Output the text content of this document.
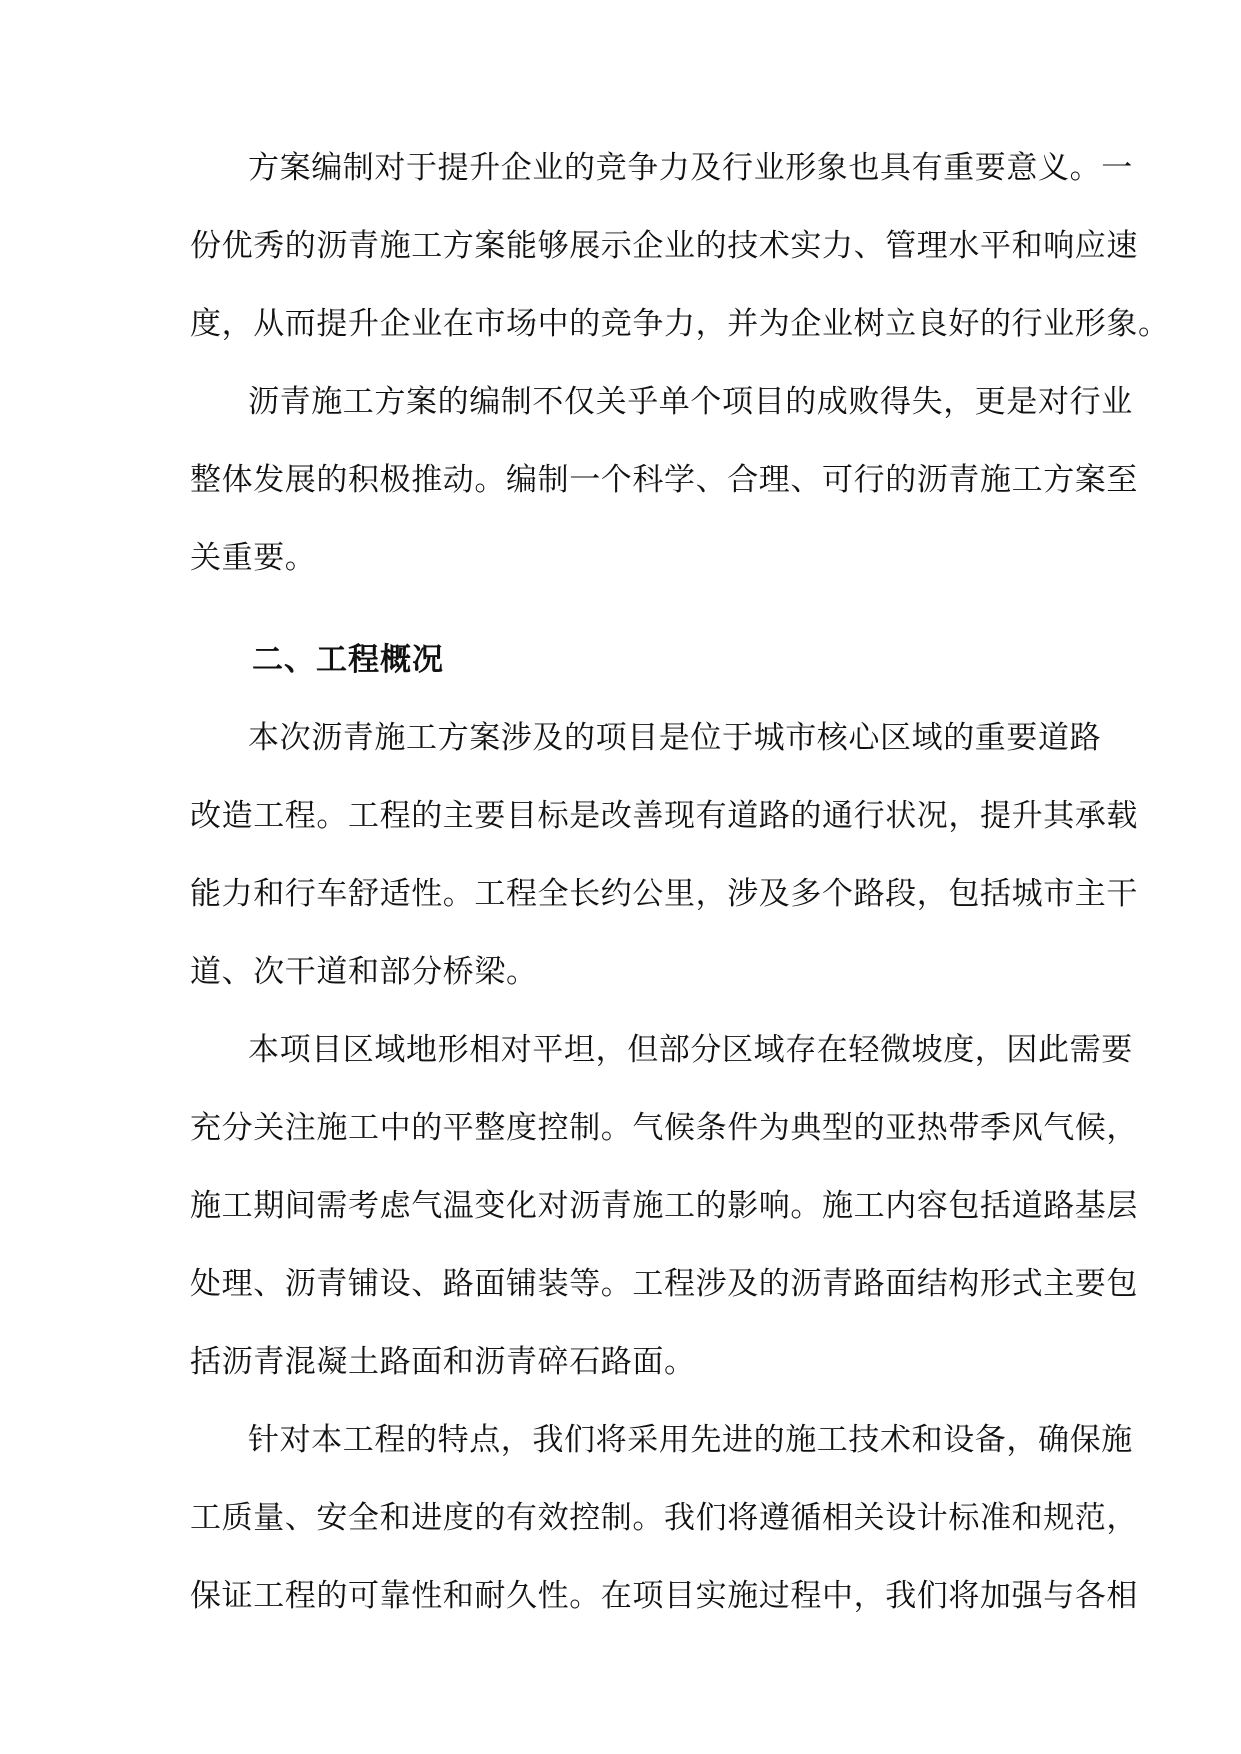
方案编制对于提升企业的竞争力及行业形象也具有重要意义。一
份优秀的沥青施工方案能够展示企业的技术实力、管理水平和响应速
度，从而提升企业在市场中的竞争力，并为企业树立良好的行业形象。
沥青施工方案的编制不仅关乎单个项目的成败得失，更是对行业
整体发展的积极推动。编制一个科学、合理、可行的沥青施工方案至
关重要。
二、工程概况
本次沥青施工方案涉及的项目是位于城市核心区域的重要道路
改造工程。工程的主要目标是改善现有道路的通行状况，提升其承载
能力和行车舒适性。工程全长约公里，涉及多个路段，包括城市主干
道、次干道和部分桥梁。
本项目区域地形相对平坦，但部分区域存在轻微坡度，因此需要
充分关注施工中的平整度控制。气候条件为典型的亚热带季风气候，
施工期间需考虑气温变化对沥青施工的影响。施工内容包括道路基层
处理、沥青铺设、路面铺装等。工程涉及的沥青路面结构形式主要包
括沥青混凝土路面和沥青碎石路面。
针对本工程的特点，我们将采用先进的施工技术和设备，确保施
工质量、安全和进度的有效控制。我们将遵循相关设计标准和规范，
保证工程的可靠性和耐久性。在项目实施过程中，我们将加强与各相
